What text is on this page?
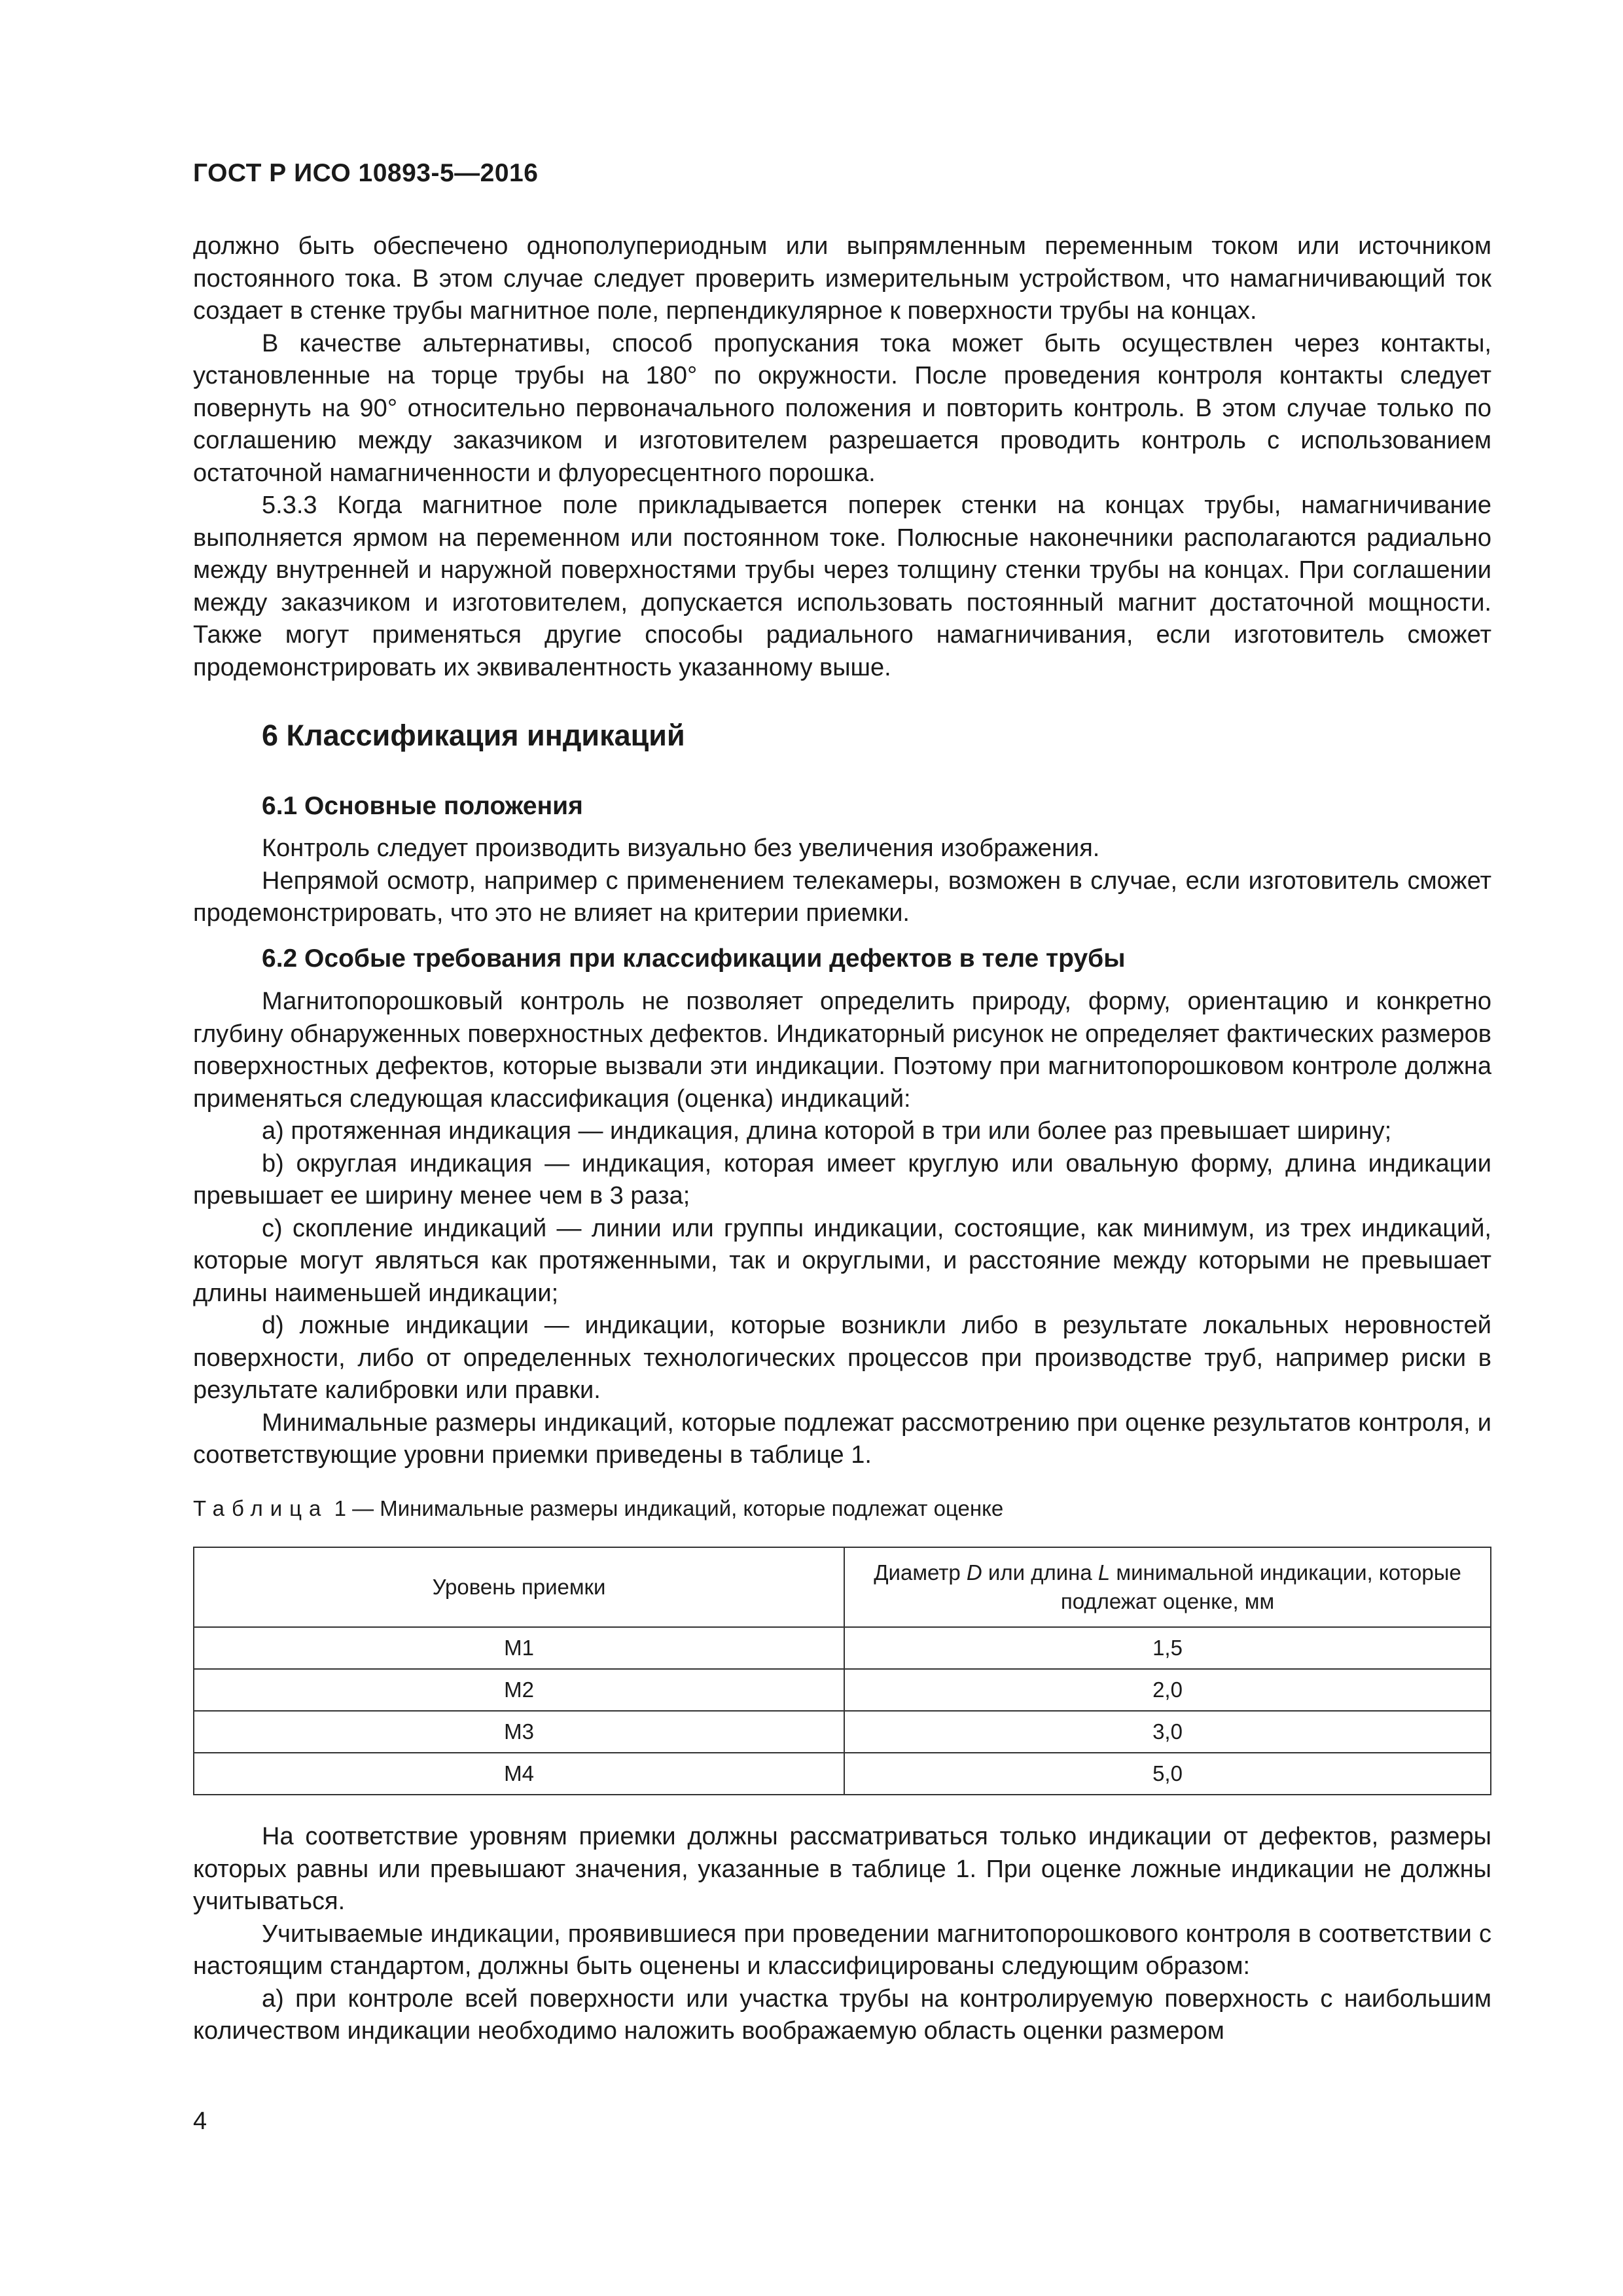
ГОСТ Р ИСО 10893-5—2016

должно быть обеспечено однополупериодным или выпрямленным переменным током или источником постоянного тока. В этом случае следует проверить измерительным устройством, что намагничивающий ток создает в стенке трубы магнитное поле, перпендикулярное к поверхности трубы на концах.

В качестве альтернативы, способ пропускания тока может быть осуществлен через контакты, установленные на торце трубы на 180° по окружности. После проведения контроля контакты следует повернуть на 90° относительно первоначального положения и повторить контроль. В этом случае только по соглашению между заказчиком и изготовителем разрешается проводить контроль с использованием остаточной намагниченности и флуоресцентного порошка.

5.3.3 Когда магнитное поле прикладывается поперек стенки на концах трубы, намагничивание выполняется ярмом на переменном или постоянном токе. Полюсные наконечники располагаются радиально между внутренней и наружной поверхностями трубы через толщину стенки трубы на концах. При соглашении между заказчиком и изготовителем, допускается использовать постоянный магнит достаточной мощности. Также могут применяться другие способы радиального намагничивания, если изготовитель сможет продемонстрировать их эквивалентность указанному выше.

6 Классификация индикаций
6.1 Основные положения

Контроль следует производить визуально без увеличения изображения.

Непрямой осмотр, например с применением телекамеры, возможен в случае, если изготовитель сможет продемонстрировать, что это не влияет на критерии приемки.

6.2 Особые требования при классификации дефектов в теле трубы

Магнитопорошковый контроль не позволяет определить природу, форму, ориентацию и конкретно глубину обнаруженных поверхностных дефектов. Индикаторный рисунок не определяет фактических размеров поверхностных дефектов, которые вызвали эти индикации. Поэтому при магнитопорошковом контроле должна применяться следующая классификация (оценка) индикаций:

a) протяженная индикация — индикация, длина которой в три или более раз превышает ширину;

b) округлая индикация — индикация, которая имеет круглую или овальную форму, длина индикации превышает ее ширину менее чем в 3 раза;

c) скопление индикаций — линии или группы индикации, состоящие, как минимум, из трех индикаций, которые могут являться как протяженными, так и округлыми, и расстояние между которыми не превышает длины наименьшей индикации;

d) ложные индикации — индикации, которые возникли либо в результате локальных неровностей поверхности, либо от определенных технологических процессов при производстве труб, например риски в результате калибровки или правки.

Минимальные размеры индикаций, которые подлежат рассмотрению при оценке результатов контроля, и соответствующие уровни приемки приведены в таблице 1.

Таблица 1 — Минимальные размеры индикаций, которые подлежат оценке
Уровень приемки	Диаметр D или длина L минимальной индикации, которые подлежат оценке, мм
M1	1,5
M2	2,0
M3	3,0
M4	5,0

На соответствие уровням приемки должны рассматриваться только индикации от дефектов, размеры которых равны или превышают значения, указанные в таблице 1. При оценке ложные индикации не должны учитываться.

Учитываемые индикации, проявившиеся при проведении магнитопорошкового контроля в соответствии с настоящим стандартом, должны быть оценены и классифицированы следующим образом:

a) при контроле всей поверхности или участка трубы на контролируемую поверхность с наибольшим количеством индикации необходимо наложить воображаемую область оценки размером

4
